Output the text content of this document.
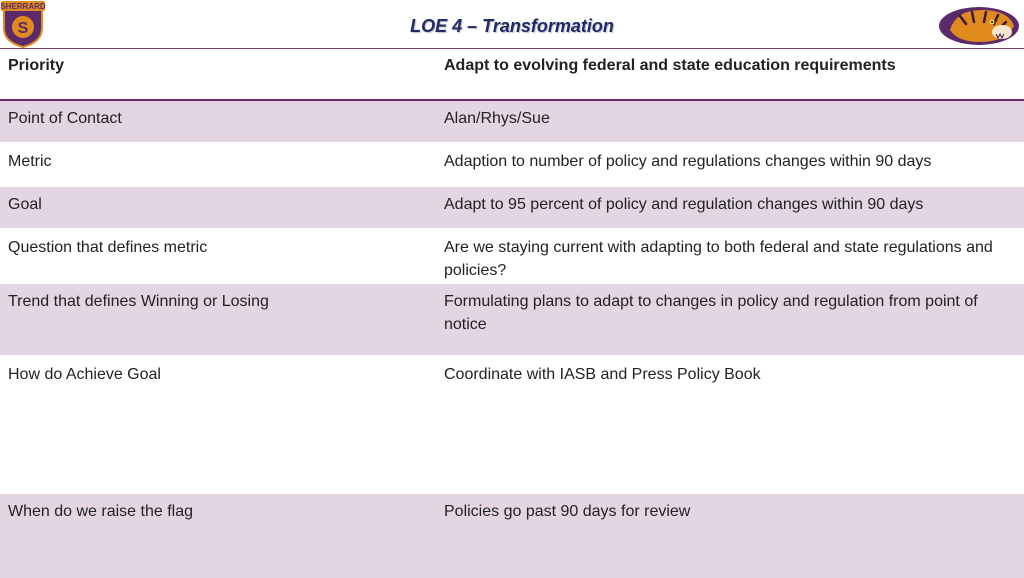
SHERRARD
S	LOE 4 – Transformation
Priority	Adapt to evolving federal and state education requirements
Point of Contact	Alan/Rhys/Sue
Metric	Adaption to number of policy and regulations changes within 90 days
Goal	Adapt to 95 percent of policy and regulation changes within 90 days
Question that defines metric	Are we staying current with adapting to both federal and state regulations and policies?
Trend that defines Winning or Losing	Formulating plans to adapt to changes in policy and regulation from point of notice
How do Achieve Goal	Coordinate with IASB and Press Policy Book
When do we raise the flag	Policies go past 90 days for review
